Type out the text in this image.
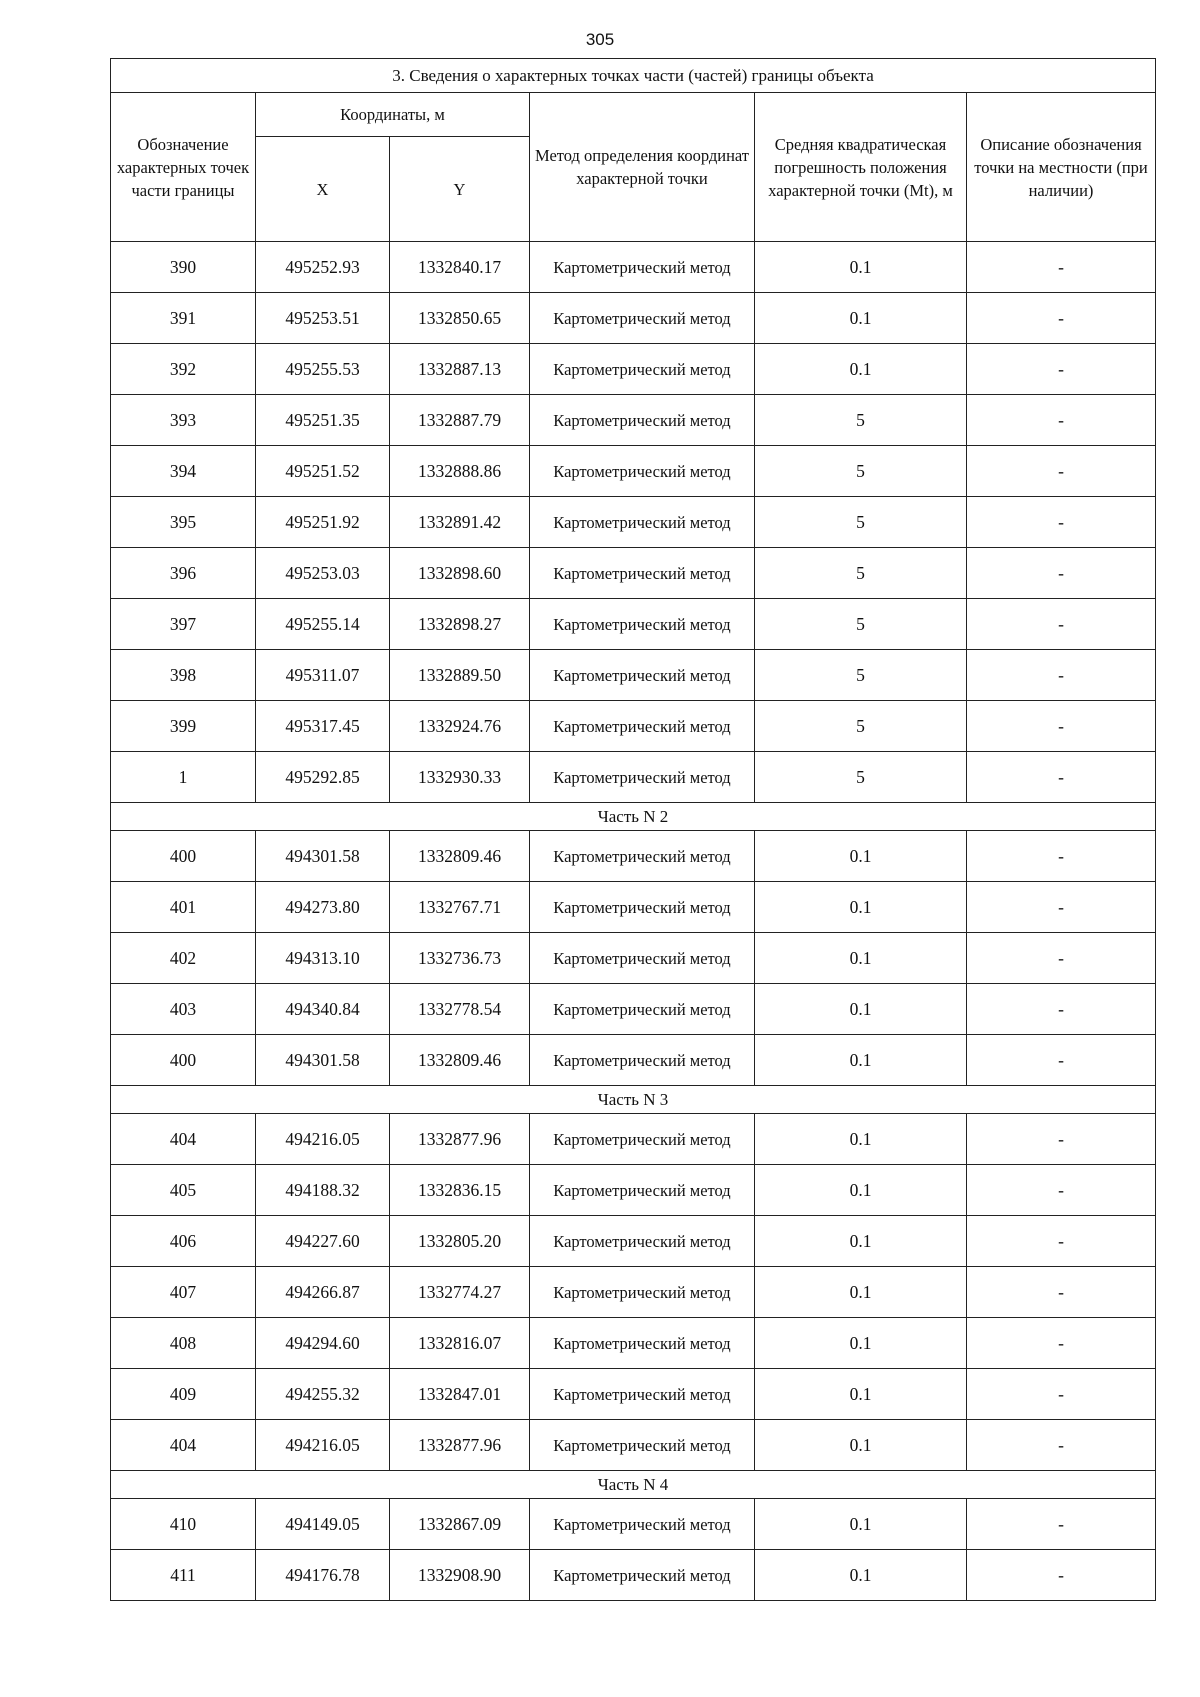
305
3. Сведения о характерных точках части (частей) границы объекта					
Обозначение характерных точек части границы	Координаты, м		Метод определения координат характерной точки	Средняя квадратическая погрешность положения характерной точки (Mt), м	Описание обозначения точки на местности (при наличии)
	X	Y			
390	495252.93	1332840.17	Картометрический метод	0.1	-
391	495253.51	1332850.65	Картометрический метод	0.1	-
392	495255.53	1332887.13	Картометрический метод	0.1	-
393	495251.35	1332887.79	Картометрический метод	5	-
394	495251.52	1332888.86	Картометрический метод	5	-
395	495251.92	1332891.42	Картометрический метод	5	-
396	495253.03	1332898.60	Картометрический метод	5	-
397	495255.14	1332898.27	Картометрический метод	5	-
398	495311.07	1332889.50	Картометрический метод	5	-
399	495317.45	1332924.76	Картометрический метод	5	-
1	495292.85	1332930.33	Картометрический метод	5	-
Часть N 2					
400	494301.58	1332809.46	Картометрический метод	0.1	-
401	494273.80	1332767.71	Картометрический метод	0.1	-
402	494313.10	1332736.73	Картометрический метод	0.1	-
403	494340.84	1332778.54	Картометрический метод	0.1	-
400	494301.58	1332809.46	Картометрический метод	0.1	-
Часть N 3					
404	494216.05	1332877.96	Картометрический метод	0.1	-
405	494188.32	1332836.15	Картометрический метод	0.1	-
406	494227.60	1332805.20	Картометрический метод	0.1	-
407	494266.87	1332774.27	Картометрический метод	0.1	-
408	494294.60	1332816.07	Картометрический метод	0.1	-
409	494255.32	1332847.01	Картометрический метод	0.1	-
404	494216.05	1332877.96	Картометрический метод	0.1	-
Часть N 4					
410	494149.05	1332867.09	Картометрический метод	0.1	-
411	494176.78	1332908.90	Картометрический метод	0.1	-
